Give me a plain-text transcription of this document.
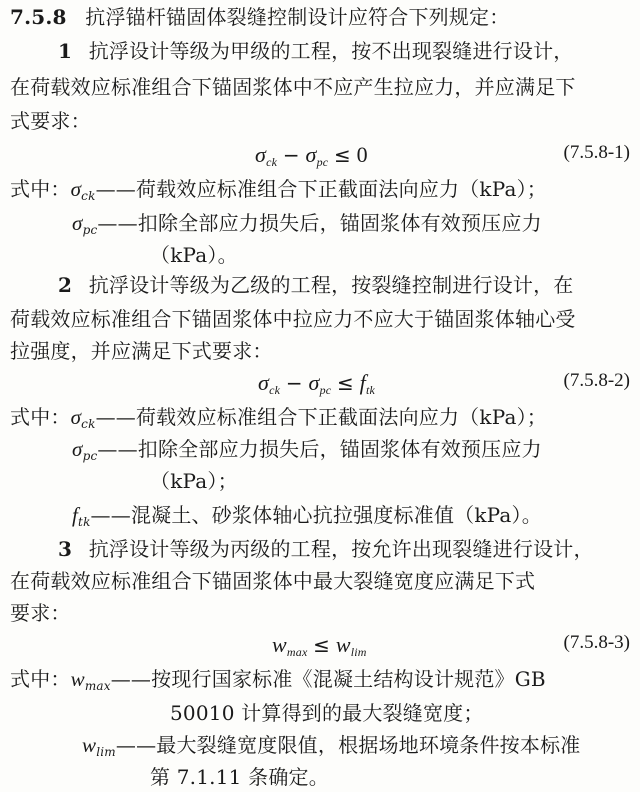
7.5.8 抗浮锚杆锚固体裂缝控制设计应符合下列规定：
1 抗浮设计等级为甲级的工程，按不出现裂缝进行设计，
在荷载效应标准组合下锚固浆体中不应产生拉应力，并应满足下
式要求：
$\sigma_{ck} - \sigma_{pc} \le 0$	(7.5.8-1)
式中：$\sigma_{ck}——$荷载效应标准组合下正截面法向应力（kPa）；
$\sigma_{pc}——$扣除全部应力损失后，锚固浆体有效预压应力
（kPa）。
2 抗浮设计等级为乙级的工程，按裂缝控制进行设计，在
荷载效应标准组合下锚固浆体中拉应力不应大于锚固浆体轴心受
拉强度，并应满足下式要求：
$\sigma_{ck} - \sigma_{pc} \le f_{tk}$	(7.5.8-2)
式中：$\sigma_{ck}——$荷载效应标准组合下正截面法向应力（kPa）；
$\sigma_{pc}——$扣除全部应力损失后，锚固浆体有效预压应力
（kPa）；
$f_{tk}——$混凝土、砂浆体轴心抗拉强度标准值（kPa）。
3 抗浮设计等级为丙级的工程，按允许出现裂缝进行设计，
在荷载效应标准组合下锚固浆体中最大裂缝宽度应满足下式
要求：
$w_{max} \le w_{lim}$	(7.5.8-3)
式中：$w_{max}——$按现行国家标准《混凝土结构设计规范》GB
50010 计算得到的最大裂缝宽度；
$w_{lim}——$最大裂缝宽度限值，根据场地环境条件按本标准
第 7.1.11 条确定。
